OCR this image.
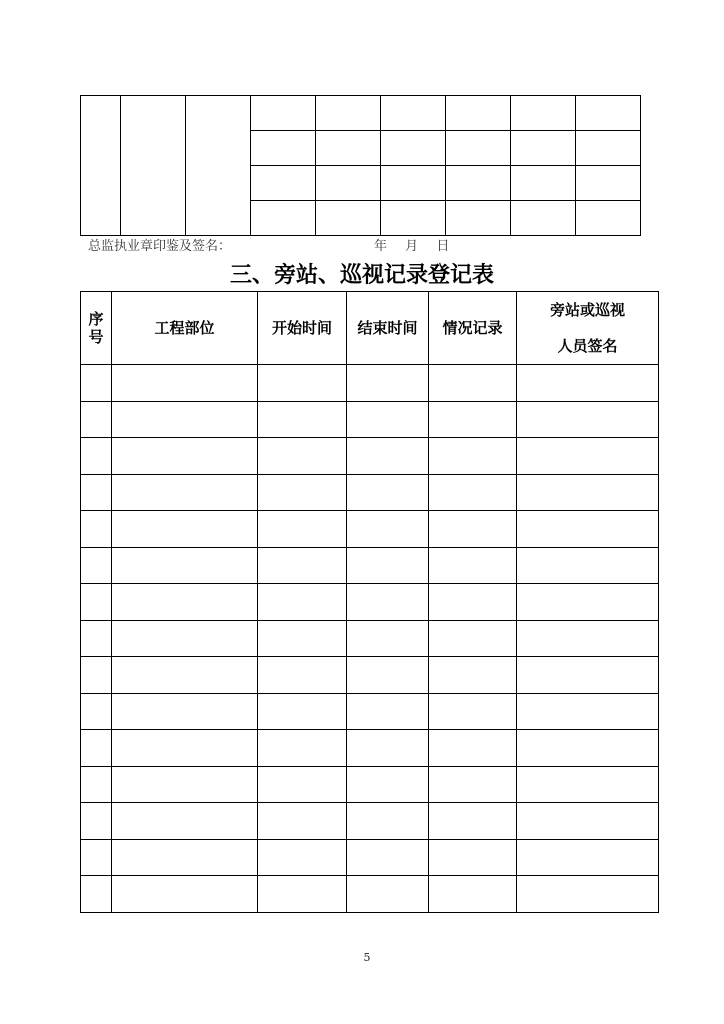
总监执业章印鉴及签名：	年 月 日
三、旁站、巡视记录登记表
序
号	工程部位	开始时间	结束时间	情况记录	旁站或巡视
人员签名

5
